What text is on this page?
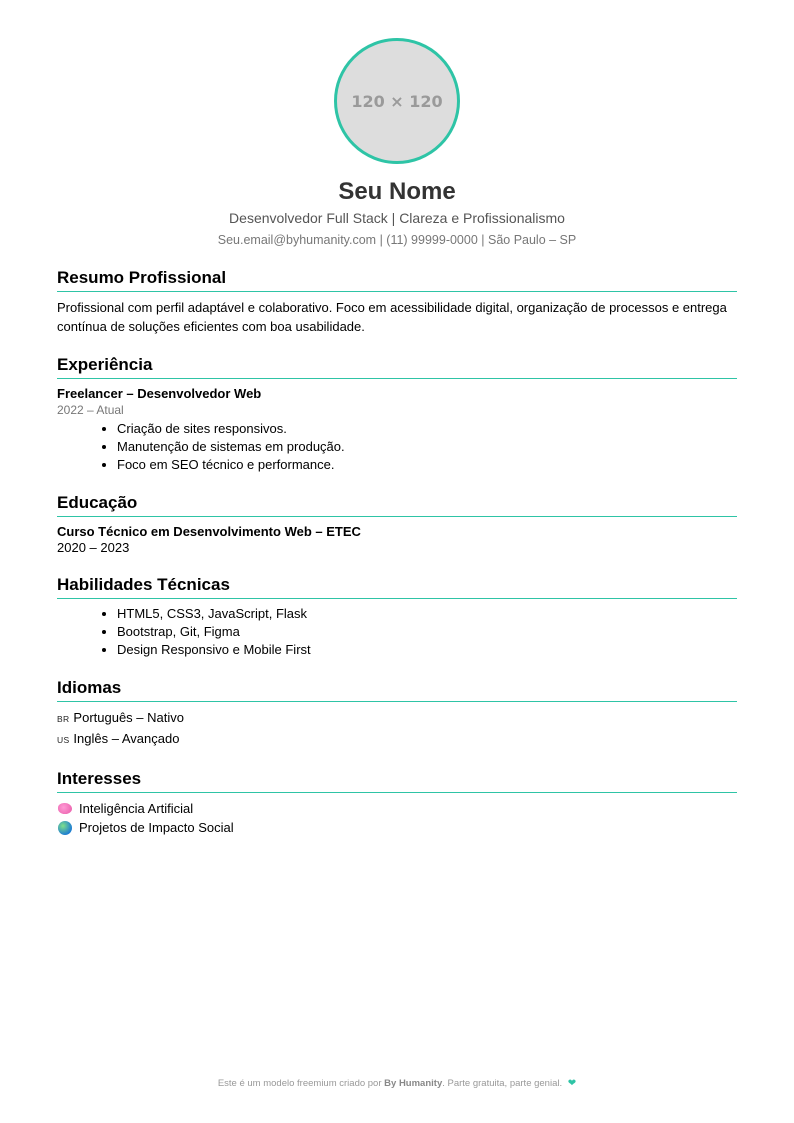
120 × 120
Seu Nome
Desenvolvedor Full Stack | Clareza e Profissionalismo
Seu.email@byhumanity.com | (11) 99999-0000 | São Paulo – SP
Resumo Profissional
Profissional com perfil adaptável e colaborativo. Foco em acessibilidade digital, organização de processos e entrega contínua de soluções eficientes com boa usabilidade.
Experiência
Freelancer – Desenvolvedor Web
2022 – Atual
• Criação de sites responsivos.
• Manutenção de sistemas em produção.
• Foco em SEO técnico e performance.
Educação
Curso Técnico em Desenvolvimento Web – ETEC
2020 – 2023
Habilidades Técnicas
• HTML5, CSS3, JavaScript, Flask
• Bootstrap, Git, Figma
• Design Responsivo e Mobile First
Idiomas
BR Português – Nativo
US Inglês – Avançado
Interesses
Inteligência Artificial
Projetos de Impacto Social
Este é um modelo freemium criado por By Humanity. Parte gratuita, parte genial. ❤
